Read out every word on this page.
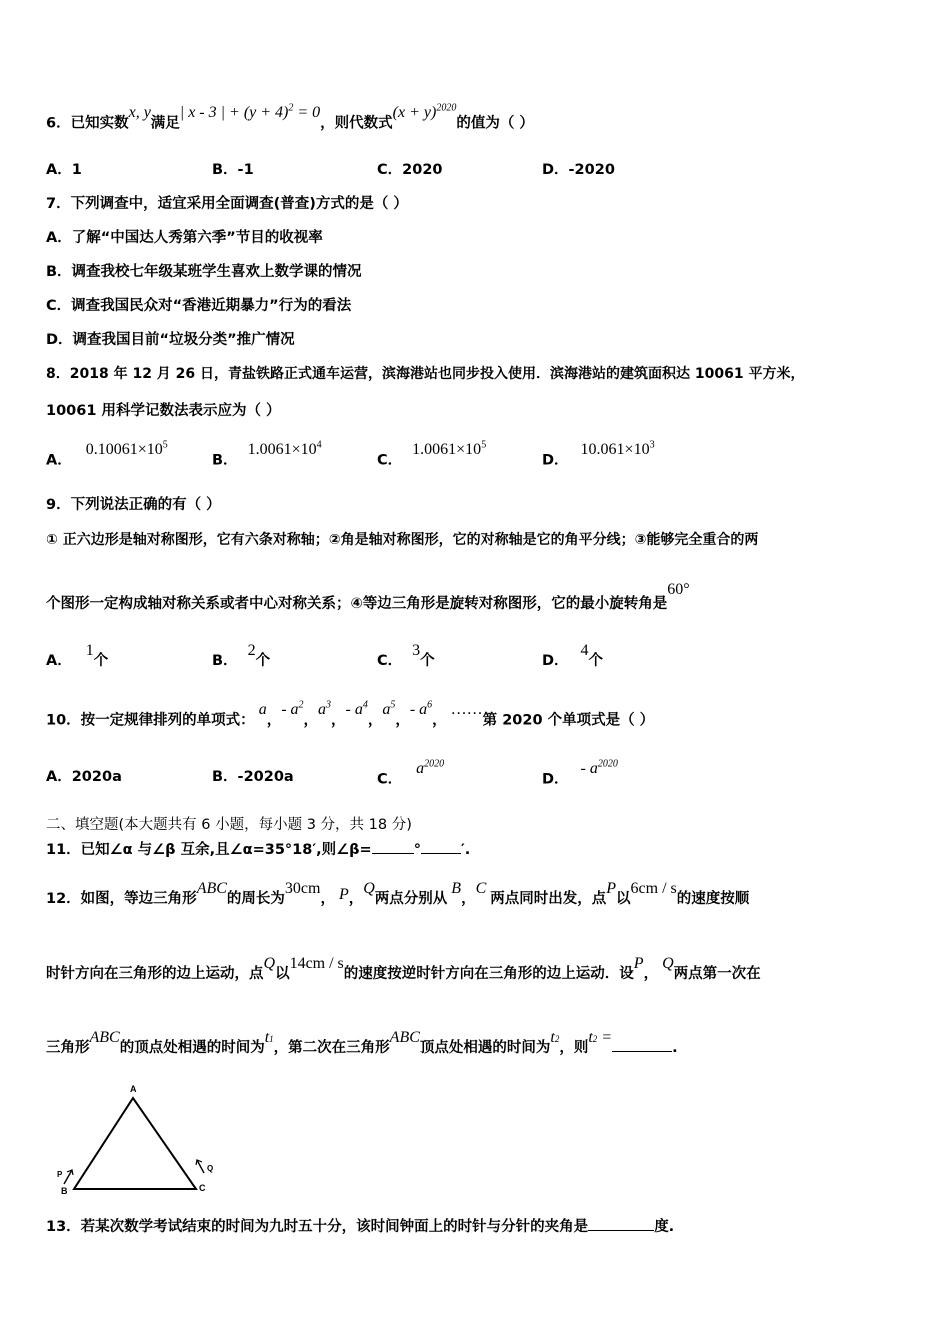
6．已知实数x, y满足| x - 3 | + $(y + 4)^2 = 0$，则代数式$(x + y)^{2020}$的值为（ ）
A．1	B．-1	C．2020	D．-2020
7．下列调查中，适宜采用全面调查(普查)方式的是（ ）
A．了解“中国达人秀第六季”节目的收视率
B．调查我校七年级某班学生喜欢上数学课的情况
C．调查我国民众对“香港近期暴力”行为的看法
D．调查我国目前“垃圾分类”推广情况
8．2018 年 12 月 26 日，青盐铁路正式通车运营，滨海港站也同步投入使用．滨海港站的建筑面积达 10061 平方米，
10061 用科学记数法表示应为（ ）
A．$0.10061\times 10^5$
B．$1.0061\times 10^4$
C．$1.0061\times 10^5$
D．$10.061\times 10^3$
9．下列说法正确的有（ ）
① 正六边形是轴对称图形，它有六条对称轴；②角是轴对称图形，它的对称轴是它的角平分线；③能够完全重合的两
个图形一定构成轴对称关系或者中心对称关系；④等边三角形是旋转对称图形，它的最小旋转角是60°
A．1个	B．2个	C．3个	D．4个
10．按一定规律排列的单项式：a，- $a^2$，$a^3$，- $a^4$，$a^5$，- $a^6$，……第 2020 个单项式是（ ）
A．2020a	B．-2020a	C．$a^{2020}$
D．- $a^{2020}$
二、填空题(本大题共有 6 小题，每小题 3 分，共 18 分)
11．已知∠α 与∠β 互余,且∠α=35°18′,则∠β=	°	′.
12．如图，等边三角形ABC的周长为30cm， P，Q两点分别从B，C两点同时出发，点P以6cm / s的速度按顺
时针方向在三角形的边上运动，点Q以14cm / s的速度按逆时针方向在三角形的边上运动．设P，Q两点第一次在
三角形ABC的顶点处相遇的时间为t1，第二次在三角形ABC顶点处相遇的时间为t2，则t2 =.
A
B	C
P
Q
13．若某次数学考试结束的时间为九时五十分，该时间钟面上的时针与分针的夹角是	度.
